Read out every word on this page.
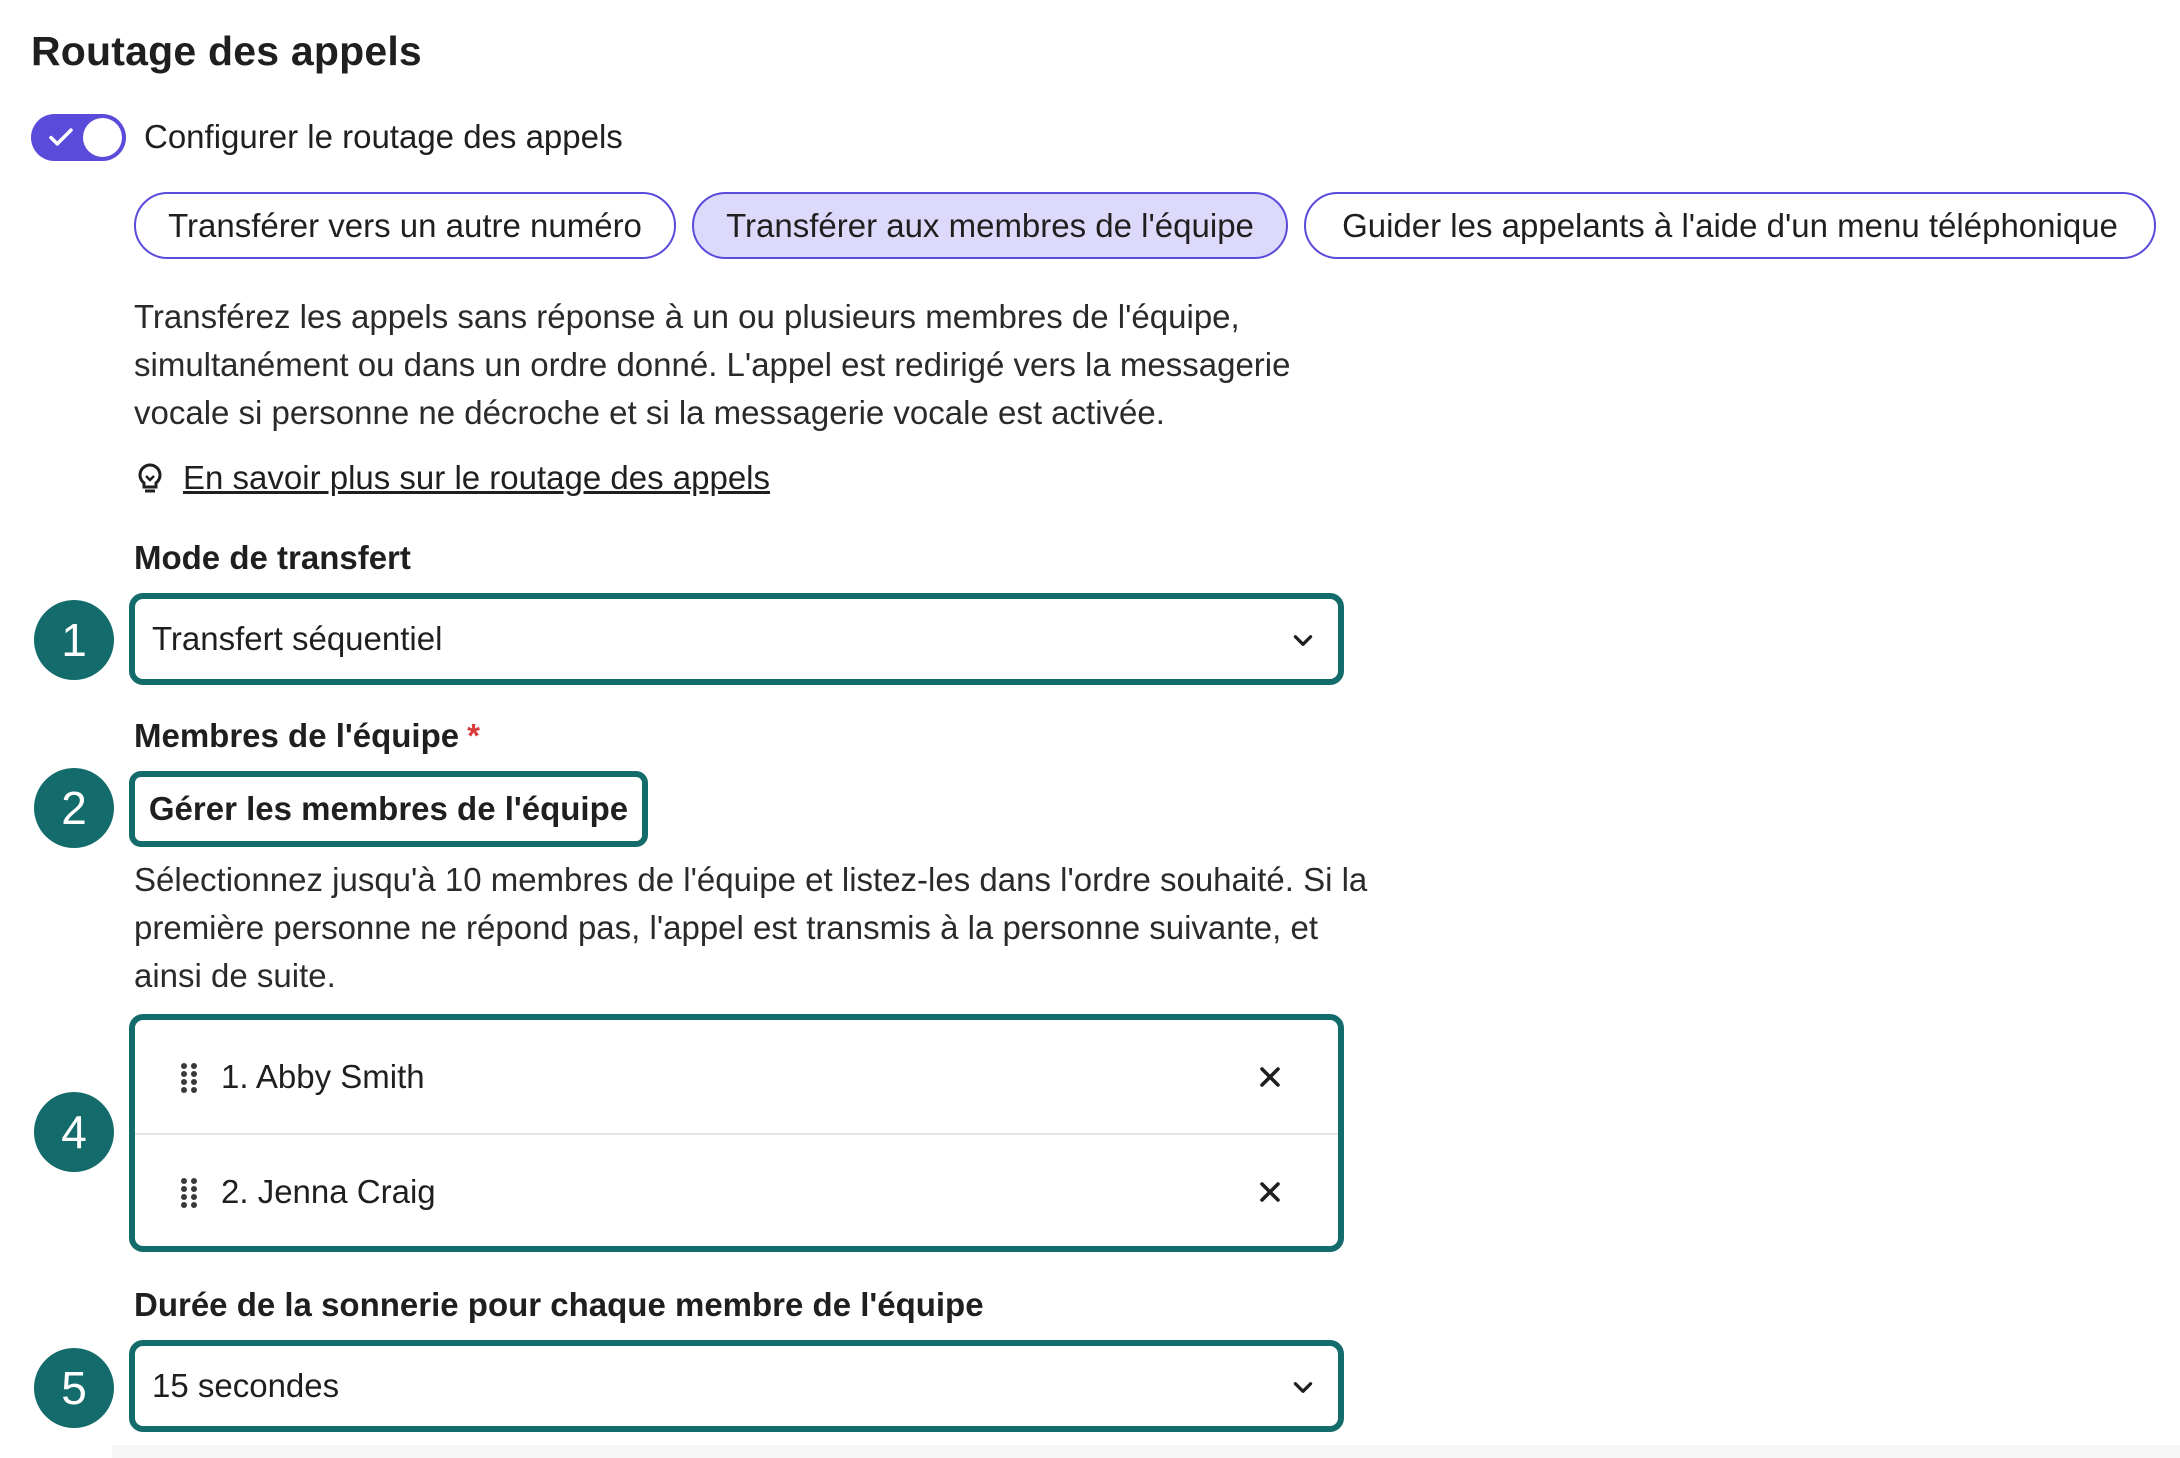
Routage des appels
Configurer le routage des appels
Transférer vers un autre numéro	Transférer aux membres de l'équipe	Guider les appelants à l'aide d'un menu téléphonique
Transférez les appels sans réponse à un ou plusieurs membres de l'équipe, simultanément ou dans un ordre donné. L'appel est redirigé vers la messagerie vocale si personne ne décroche et si la messagerie vocale est activée.
En savoir plus sur le routage des appels
Mode de transfert
1	Transfert séquentiel
Membres de l'équipe *
2	Gérer les membres de l'équipe
Sélectionnez jusqu'à 10 membres de l'équipe et listez-les dans l'ordre souhaité. Si la première personne ne répond pas, l'appel est transmis à la personne suivante, et ainsi de suite.
4
1. Abby Smith
2. Jenna Craig
Durée de la sonnerie pour chaque membre de l'équipe
5	15 secondes
